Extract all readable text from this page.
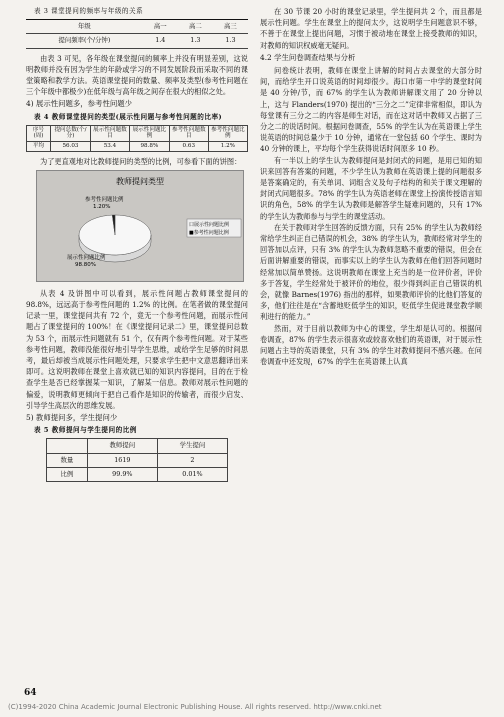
表 3 课堂提问的频率与年级的关系
年级	高一	高二	高三
提问频率(个/分钟)	1.4	1.3	1.3

由表 3 可见，各年级在课堂提问的频率上并没有明显差别，这说明教师并没有因为学生的年龄或学习的不同发展阶段而采取不同的课堂策略和教学方法。英语课堂提问的数量、频率及类型(参考性问题在三个年级中都极少)在低年级与高年级之间存在很大的相似之处。

4) 展示性问题多，参考性问题少
表 4 教师课堂提问的类型(展示性问题与参考性问题的比率)
序号(周)	提问总数(个/分)	展示性问题数目	展示性问题比例	参考性问题数目	参考性问题比例
平均	56.03	53.4	98.8%	0.63	1.2%

为了更直观地对比教师提问的类型的比例，可参看下面的饼图：

教师提问类型
展示性问题比例 98.80%
参考性问题比例 1.20%
口展示性问题比例
■参考性问题比例

从表 4 及饼图中可以看到，展示性问题占教师课堂提问的 98.8%，远远高于参考性问题的 1.2% 的比例。在笔者做的课堂提问记录一里，课堂提问共有 72 个，竟无一个参考性问题，而展示性问题占了课堂提问的 100%！在《课堂提问记录二》里，课堂提问总数为 53 个，而展示性问题就有 51 个，仅有两个参考性问题。对于某些参考性问题，教师没能很好地引导学生思维，或给学生足够的时间思考，最后却被当成展示性问题处理，只要求学生把中文意思翻译出来即可。这说明教师在课堂上喜欢就已知的知识内容提问，目的在于检查学生是否已经掌握某一知识，了解某一信息。教师对展示性问题的偏爱，说明教师更倾向于把自己看作是知识的传输者，而很少启发、引导学生高层次的思维发展。

5) 教师提问多，学生提问少
表 5 教师提问与学生提问的比例
	教师提问	学生提问
数量	1619	2
比例	99.9%	0.01%

在 30 节课 20 小时的课堂记录里，学生提问共 2 个，而且都是展示性问题。学生在课堂上的提问太少，这说明学生问题意识不够，不善于在课堂上提出问题，习惯于被动地在课堂上接受教师的知识，对教师的知识权威毫无疑问。

4.2 学生问卷调查结果与分析

问卷统计表明，教师在课堂上讲解的时间占去课堂的大部分时间，而给学生开口说英语的时间却很少。海口市第一中学的课堂时间是 40 分钟/节，而 67% 的学生认为教师讲解课文用了 20 分钟以上，这与 Flanders(1970) 提出的“三分之二”定律非常相似，即认为每堂课有三分之二的内容是师生对话，而在这对话中教师又占据了三分之二的说话时间。根据问卷调查，55% 的学生认为在英语课上学生说英语的时间总量少于 10 分钟，通常在一堂包括 60 个学生、课时为 40 分钟的课上，平均每个学生获得说话时间原多 10 秒。

有一半以上的学生认为教师提问是封闭式的问题，是用已知的知识来回答有答案的问题，不少学生认为教师在英语课上提的问题很多是答案确定的，有关单词、词组含义及句子结构的和关于课文理解的封闭式问题很多。78% 的学生认为英语老师在课堂上扮演传授语言知识的角色，58% 的学生认为教师是解答学生疑难问题的，只有 17% 的学生认为教师参与与学生的课堂活动。

在关于教师对学生回答的反馈方面，只有 25% 的学生认为教师经常给学生纠正自己错误的机会，38% 的学生认为，教师经常对学生的回答加以点评，只有 3% 的学生认为教师忽略不重要的错误，但会在后面讲解重要的错误，而事实以上的学生认为教师在他们回答问题时经常加以简单赞扬。这说明教师在课堂上充当的是一位评价者，评价多于答复，学生经常处于被评价的地位，很少得到纠正自己错误的机会，就像 Barnes(1976) 指出的那样，如果教师评价的比他们答复的多，他们往往是在“含蓄地贬低学生的知识，贬低学生促进课堂教学顺利进行的能力。”

然而，对于目前以教师为中心的课堂，学生却是认可的。根据问卷调查，87% 的学生表示很喜欢或较喜欢他们的英语课，对于展示性问题占主导的英语课堂，只有 3% 的学生对教师提问不感兴趣。在问卷调查中还发现，67% 的学生在英语课上认真

64
(C)1994-2020 China Academic Journal Electronic Publishing House. All rights reserved. http://www.cnki.net
